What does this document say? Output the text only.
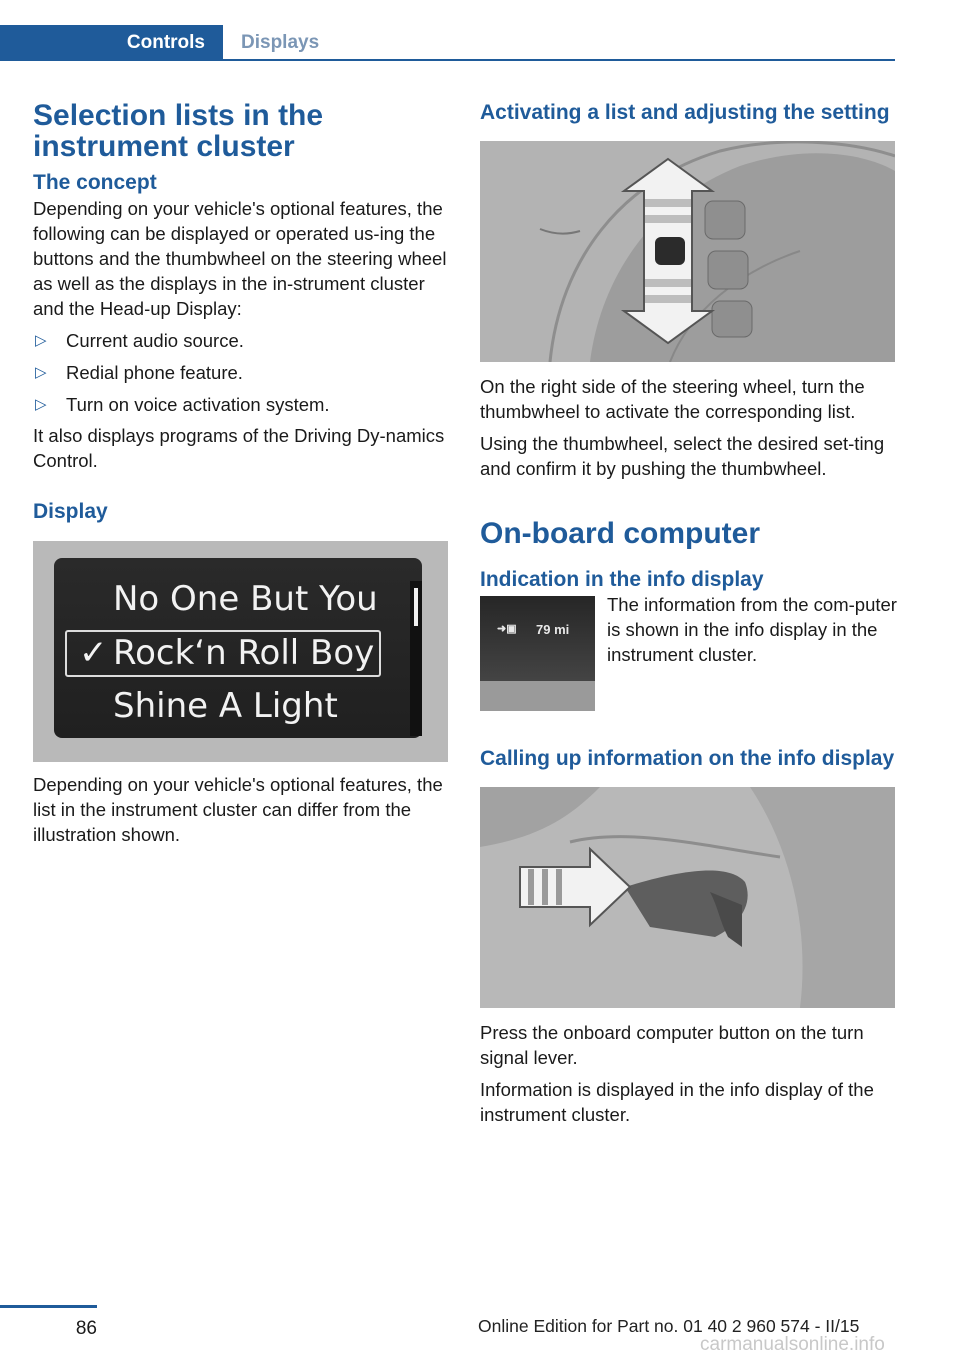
Controls	Displays
Selection lists in the instrument cluster
The concept

Depending on your vehicle's optional features, the following can be displayed or operated us-ing the buttons and the thumbwheel on the steering wheel as well as the displays in the in-strument cluster and the Head-up Display:

▷ Current audio source.
▷ Redial phone feature.
▷ Turn on voice activation system.

It also displays programs of the Driving Dy-namics Control.

Display
No One But You
✓ Rock‘n Roll Boy
Shine A Light

Depending on your vehicle's optional features, the list in the instrument cluster can differ from the illustration shown.

Activating a list and adjusting the setting

On the right side of the steering wheel, turn the thumbwheel to activate the corresponding list.

Using the thumbwheel, select the desired set-ting and confirm it by pushing the thumbwheel.

On-board computer
Indication in the info display
➜▣ 79 mi

The information from the com-puter is shown in the info display in the instrument cluster.

Calling up information on the info display

Press the onboard computer button on the turn signal lever.

Information is displayed in the info display of the instrument cluster.

86	Online Edition for Part no. 01 40 2 960 574 - II/15
carmanualsonline.info
